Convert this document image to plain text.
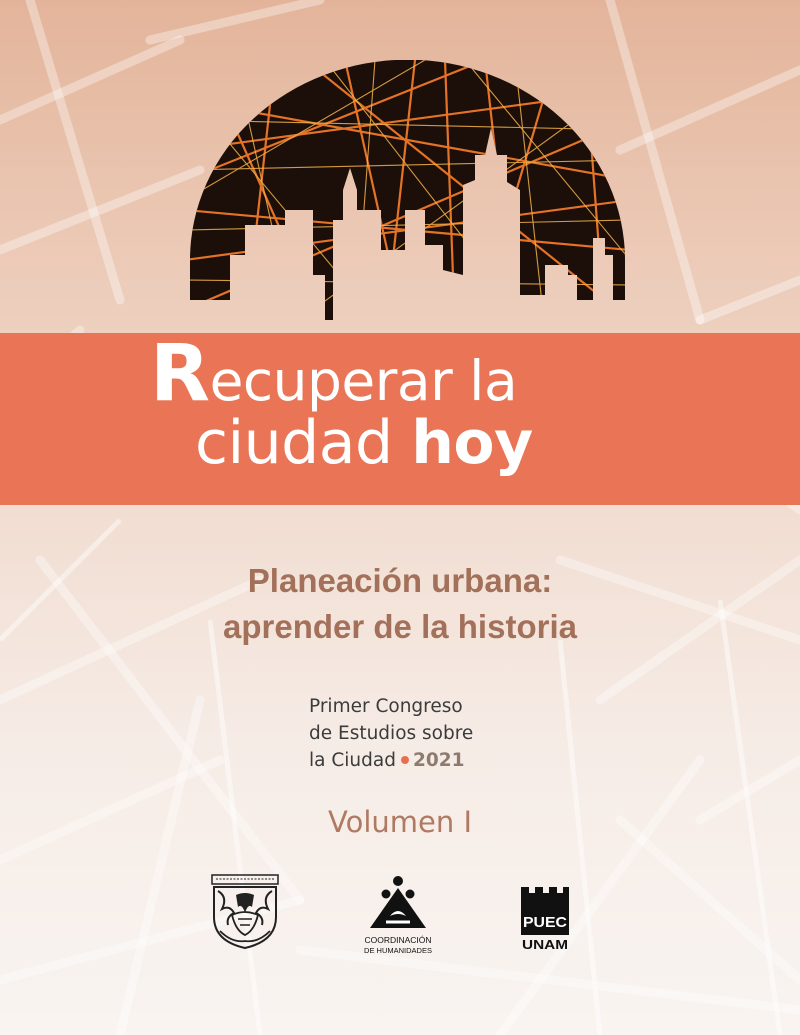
Recuperar la
ciudad hoy
Planeación urbana:
aprender de la historia
Primer Congreso
de Estudios sobre
la Ciudad 2021
Volumen I
COORDINACIÓN
DE HUMANIDADES
PUEC
UNAM
